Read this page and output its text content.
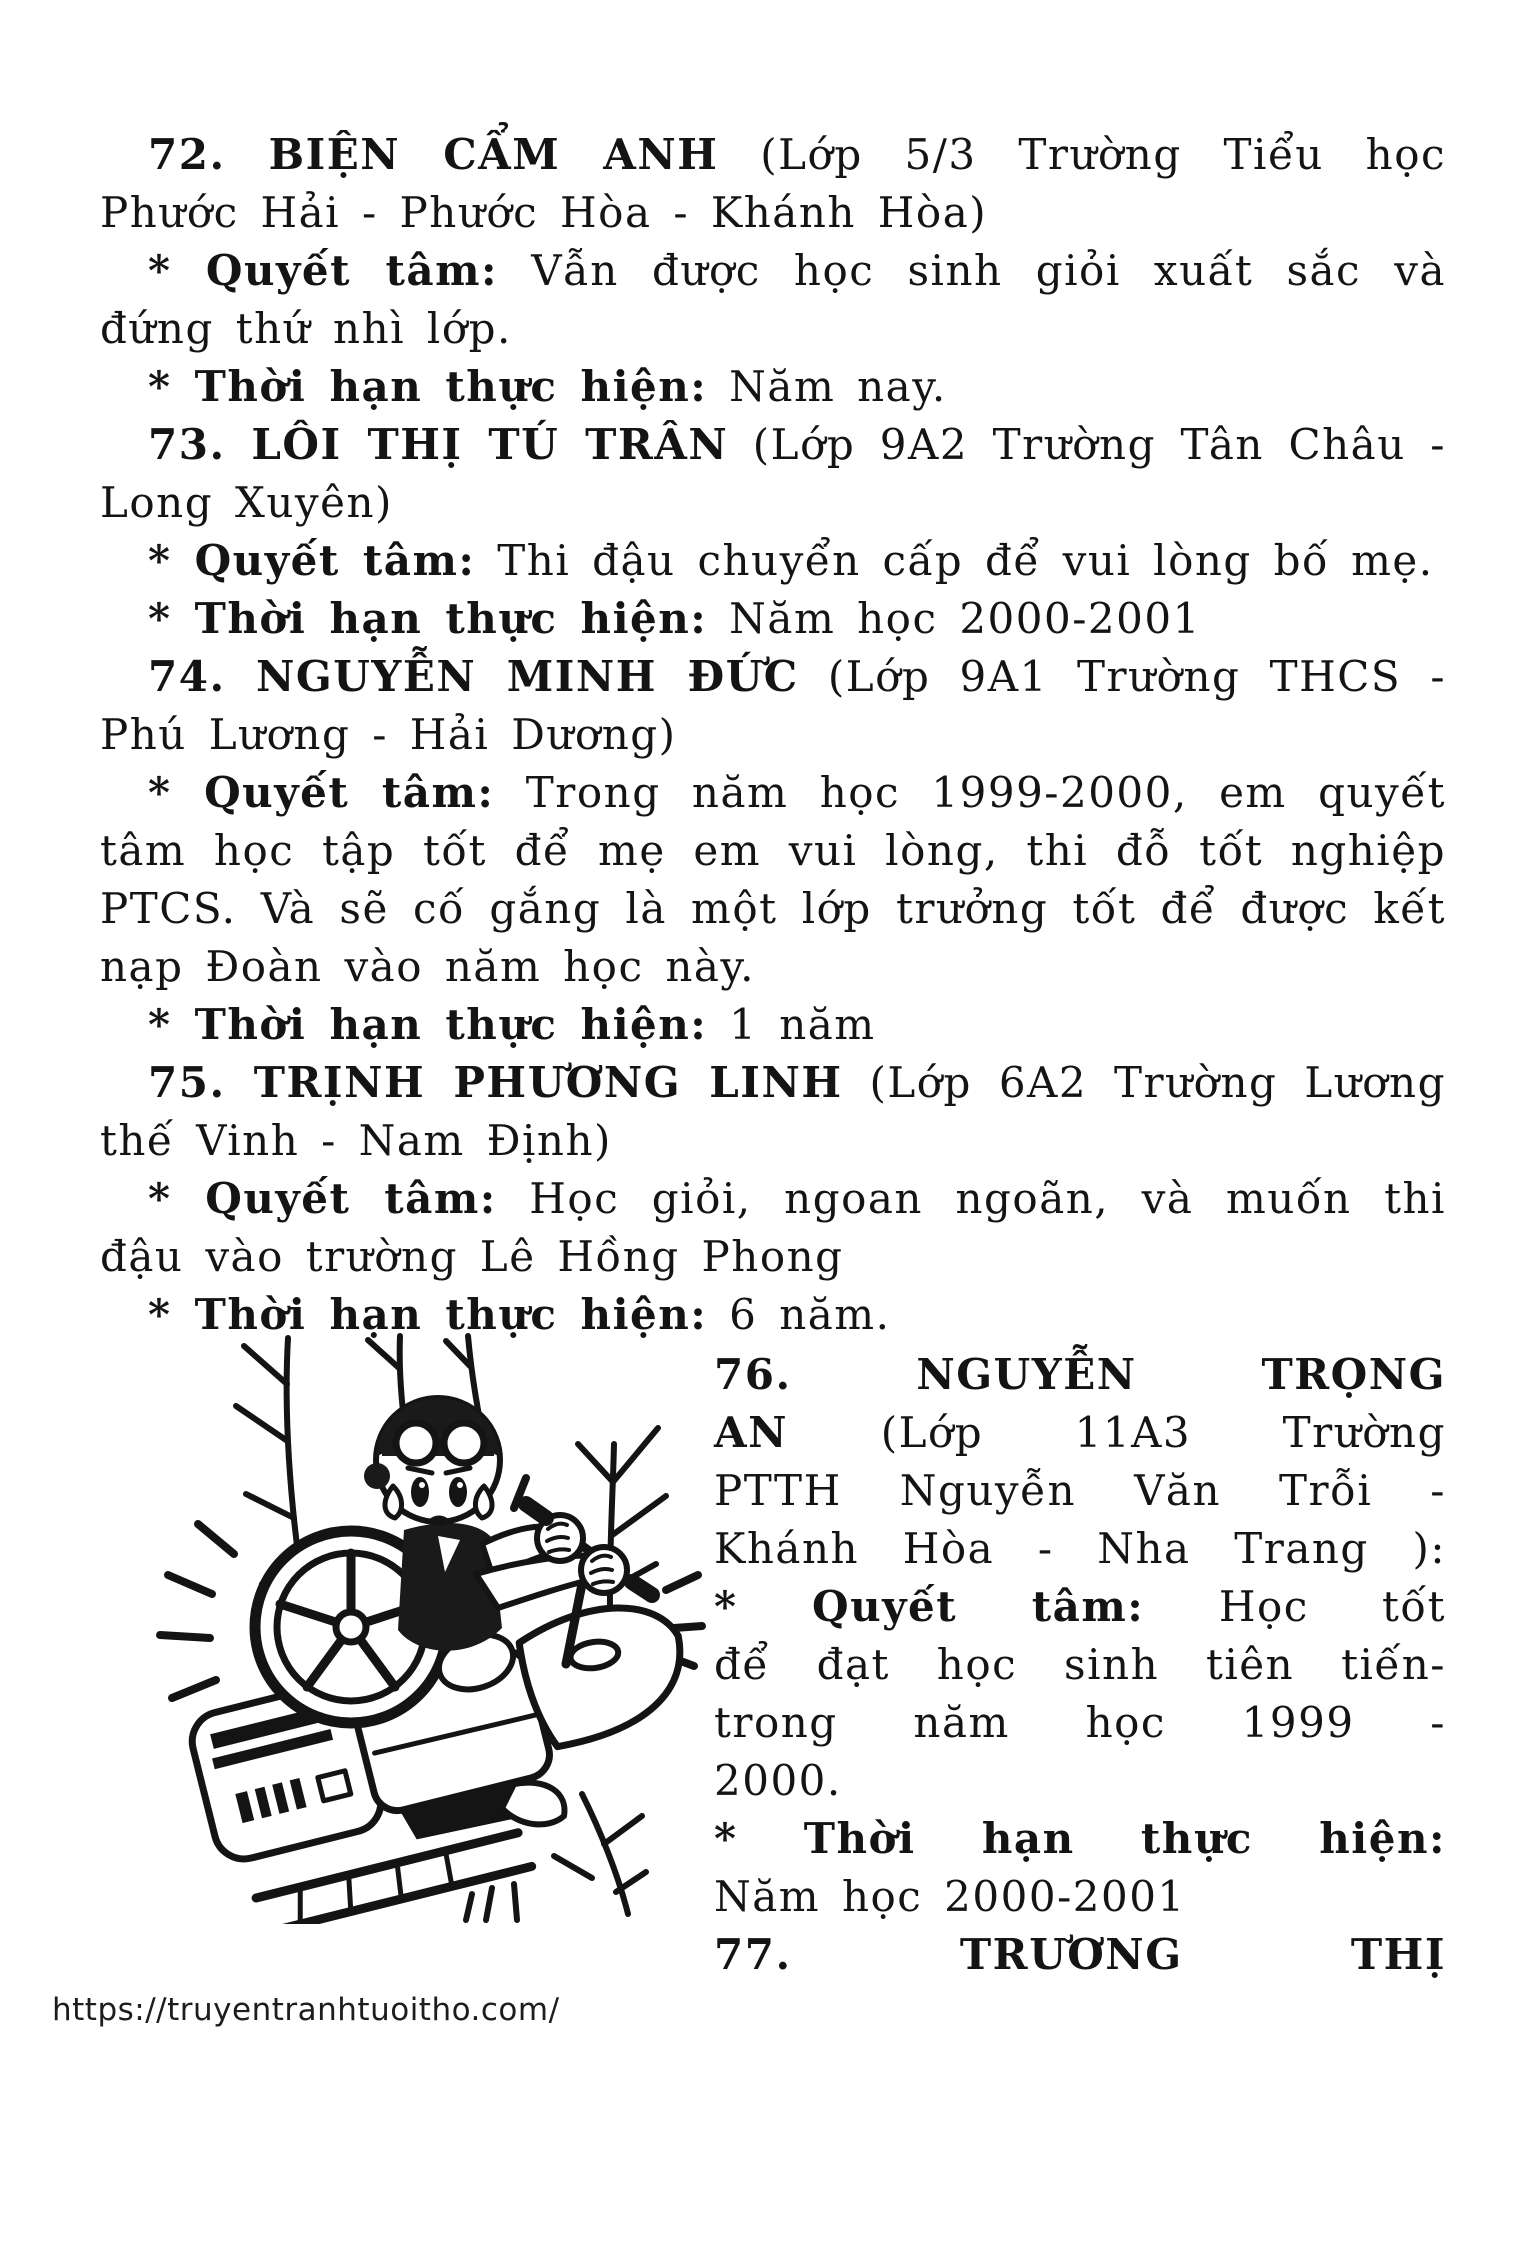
72. BIỆN CẨM ANH (Lớp 5/3 Trường Tiểu học Phước Hải - Phước Hòa - Khánh Hòa)

* Quyết tâm: Vẫn được học sinh giỏi xuất sắc và đứng thứ nhì lớp.

* Thời hạn thực hiện: Năm nay.

73. LÔI THỊ TÚ TRÂN (Lớp 9A2 Trường Tân Châu - Long Xuyên)

* Quyết tâm: Thi đậu chuyển cấp để vui lòng bố mẹ.

* Thời hạn thực hiện: Năm học 2000-2001

74. NGUYỄN MINH ĐỨC (Lớp 9A1 Trường THCS - Phú Lương - Hải Dương)

* Quyết tâm: Trong năm học 1999-2000, em quyết tâm học tập tốt để mẹ em vui lòng, thi đỗ tốt nghiệp PTCS. Và sẽ cố gắng là một lớp trưởng tốt để được kết nạp Đoàn vào năm học này.

* Thời hạn thực hiện: 1 năm

75. TRỊNH PHƯƠNG LINH (Lớp 6A2 Trường Lương thế Vinh - Nam Định)

* Quyết tâm: Học giỏi, ngoan ngoãn, và muốn thi đậu vào trường Lê Hồng Phong

* Thời hạn thực hiện: 6 năm.

76. NGUYỄN TRỌNG
AN (Lớp 11A3 Trường
PTTH Nguyễn Văn Trỗi -
Khánh Hòa - Nha Trang ):
* Quyết tâm: Học tốt
để đạt học sinh tiên tiến-
trong năm học 1999 -
2000.
* Thời hạn thực hiện:
Năm học 2000-2001
77. TRƯƠNG THỊ
https://truyentranhtuoitho.com/
